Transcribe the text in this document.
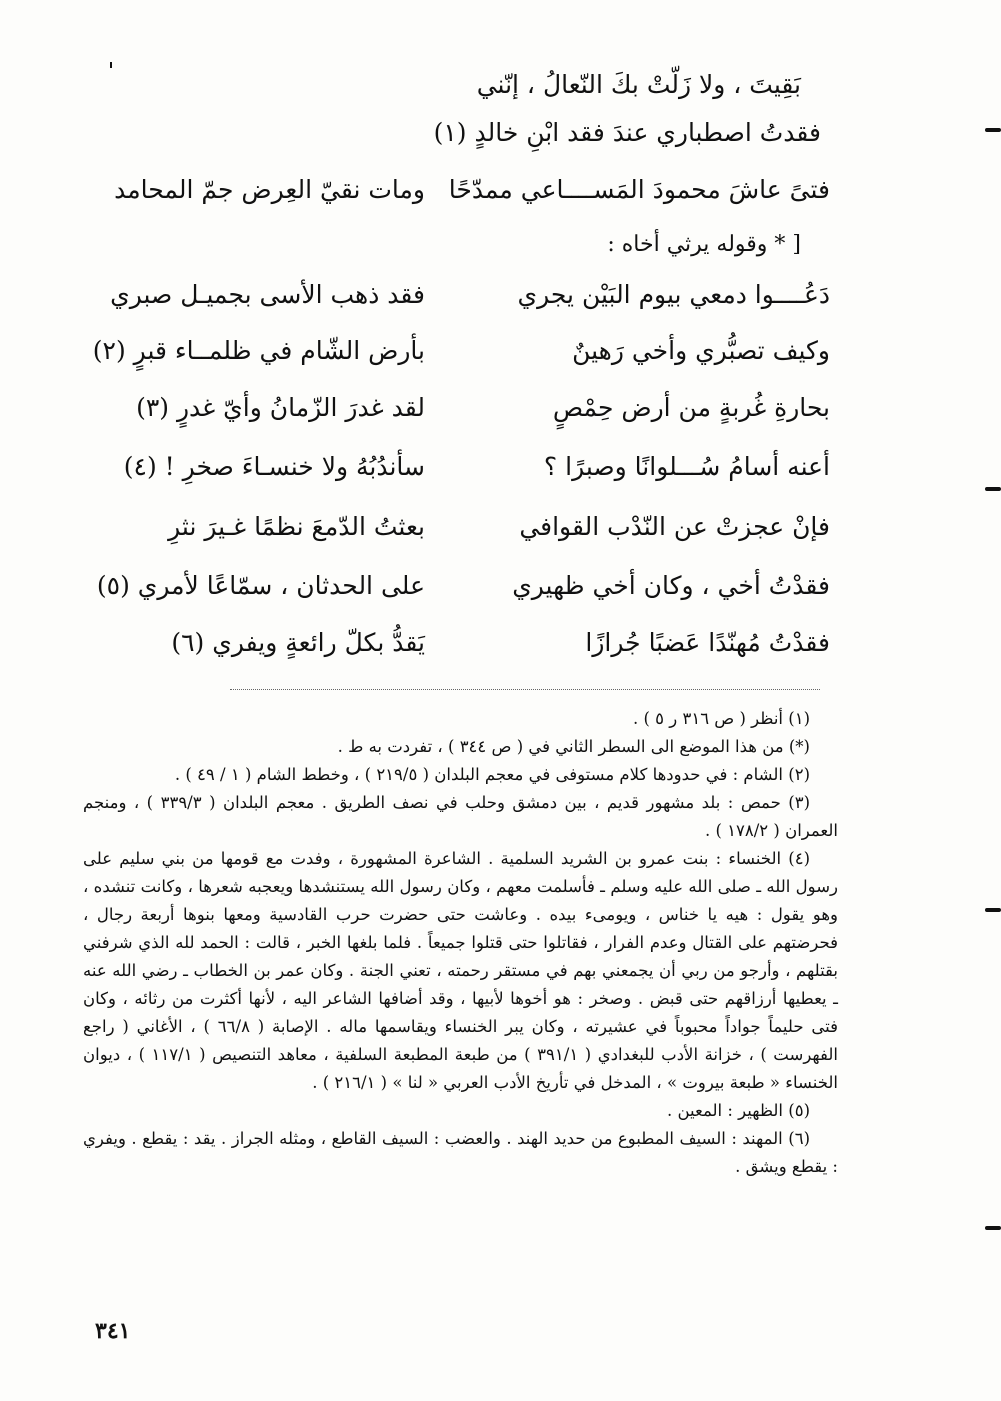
بَقِيتَ ، ولا زَلّتْ بكَ النّعالُ ، إنّني
فقدتُ اصطباري عندَ فقد ابْنِ خالدٍ (١)
فتىً عاشَ محمودَ المَســــاعي ممدّحًا
ومات نقيّ العِرض جمّ المحامد
[ * وقوله يرثي أخاه :
دَعُــــوا دمعي بيوم البَيْن يجري
فقد ذهب الأسى بجميـل صبري
وكيف تصبُّري وأخي رَهينٌ
بأرض الشّام في ظلمــاء قبرٍ (٢)
بحارةِ غُربةٍ من أرض حِمْصٍ
لقد غدرَ الزّمانُ وأيّ غدرٍ (٣)
أعنه أسامُ سُـــلوانًا وصبرًا ؟
سأندُبُهُ ولا خنسـاءَ صخرِ ! (٤)
فإنْ عجزتْ عن النّدْب القوافي
بعثتُ الدّمعَ نظمًا غـيرَ نثرِ
فقدْتُ أخي ، وكان أخي ظهيري
على الحدثان ، سمّاعًا لأمري (٥)
فقدْتُ مُهنّدًا عَضبًا جُرازًا
يَقدُّ بكلّ رائعةٍ ويفري (٦)

(١) أنظر ( ص ٣١٦ ر ٥ ) .

(*) من هذا الموضع الى السطر الثاني في ( ص ٣٤٤ ) ، تفردت به ط .

(٢) الشام : في حدودها كلام مستوفى في معجم البلدان ( ٢١٩/٥ ) ، وخطط الشام ( ١ / ٤٩ ) .

(٣) حمص : بلد مشهور قديم ، بين دمشق وحلب في نصف الطريق . معجم البلدان ( ٣٣٩/٣ ) ، ومنجم العمران ( ١٧٨/٢ ) .

(٤) الخنساء : بنت عمرو بن الشريد السلمية . الشاعرة المشهورة ، وفدت مع قومها من بني سليم على رسول الله ـ صلى الله عليه وسلم ـ فأسلمت معهم ، وكان رسول الله يستنشدها ويعجبه شعرها ، وكانت تنشده ، وهو يقول : هيه يا خناس ، ويومىء بيده . وعاشت حتى حضرت حرب القادسية ومعها بنوها أربعة رجال ، فحرضتهم على القتال وعدم الفرار ، فقاتلوا حتى قتلوا جميعاً . فلما بلغها الخبر ، قالت : الحمد لله الذي شرفني بقتلهم ، وأرجو من ربي أن يجمعني بهم في مستقر رحمته ، تعني الجنة . وكان عمر بن الخطاب ـ رضي الله عنه ـ يعطيها أرزاقهم حتى قبض . وصخر : هو أخوها لأبيها ، وقد أضافها الشاعر اليه ، لأنها أكثرت من رثائه ، وكان فتى حليماً جواداً محبوباً في عشيرته ، وكان يبر الخنساء ويقاسمها ماله . الإصابة ( ٦٦/٨ ) ، الأغاني ( راجع الفهرست ) ، خزانة الأدب للبغدادي ( ٣٩١/١ ) من طبعة المطبعة السلفية ، معاهد التنصيص ( ١١٧/١ ) ، ديوان الخنساء « طبعة بيروت » ، المدخل في تأريخ الأدب العربي « لنا » ( ٢١٦/١ ) .

(٥) الظهير : المعين .

(٦) المهند : السيف المطبوع من حديد الهند . والعضب : السيف القاطع ، ومثله الجراز . يقد : يقطع . ويفري : يقطع ويشق .

٣٤١
